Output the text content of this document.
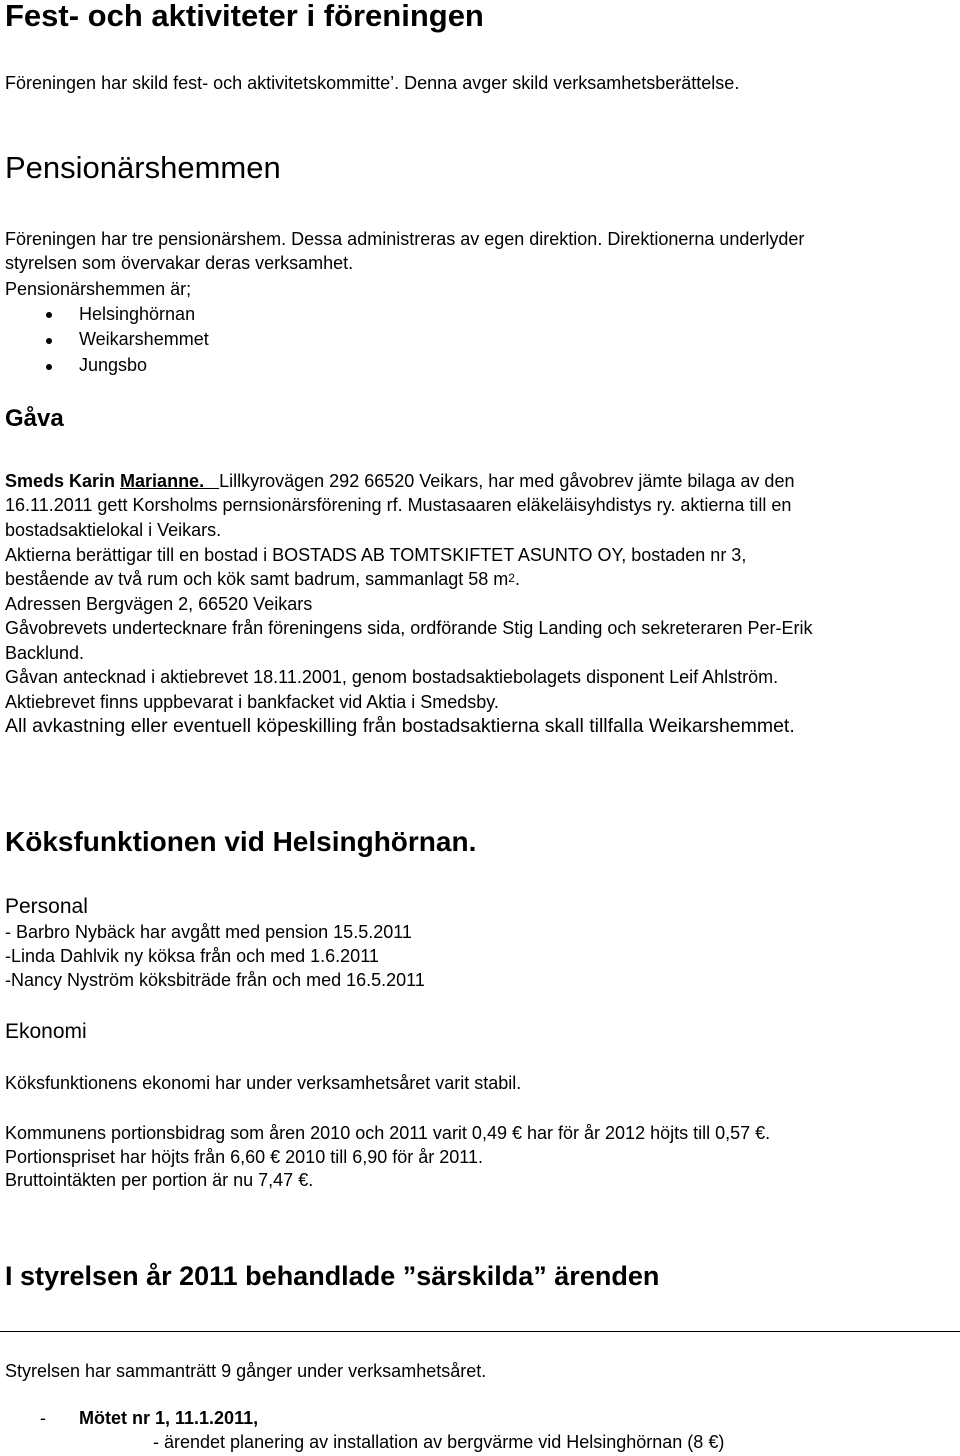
Fest- och aktiviteter i föreningen
Föreningen har skild fest- och aktivitetskommitte’. Denna avger skild verksamhetsberättelse.
Pensionärshemmen
Föreningen har tre pensionärshem. Dessa administreras av egen direktion. Direktionerna underlyder
styrelsen som övervakar deras verksamhet.
Pensionärshemmen är;
Helsinghörnan
Weikarshemmet
Jungsbo
Gåva
Smeds Karin Marianne. Lillkyrovägen 292 66520 Veikars, har med gåvobrev jämte bilaga av den
16.11.2011 gett Korsholms pernsionärsförening rf. Mustasaaren eläkeläisyhdistys ry. aktierna till en
bostadsaktielokal i Veikars.
Aktierna berättigar till en bostad i BOSTADS AB TOMTSKIFTET ASUNTO OY, bostaden nr 3,
bestående av två rum och kök samt badrum, sammanlagt 58 $m^2$.
Adressen Bergvägen 2, 66520 Veikars
Gåvobrevets undertecknare från föreningens sida, ordförande Stig Landing och sekreteraren Per-Erik
Backlund.
Gåvan antecknad i aktiebrevet 18.11.2001, genom bostadsaktiebolagets disponent Leif Ahlström.
Aktiebrevet finns uppbevarat i bankfacket vid Aktia i Smedsby.
All avkastning eller eventuell köpeskilling från bostadsaktierna skall tillfalla Weikarshemmet.
Köksfunktionen vid Helsinghörnan.
Personal
- Barbro Nybäck har avgått med pension 15.5.2011
-Linda Dahlvik ny köksa från och med 1.6.2011
-Nancy Nyström köksbiträde från och med 16.5.2011
Ekonomi
Köksfunktionens ekonomi har under verksamhetsåret varit stabil.
Kommunens portionsbidrag som åren 2010 och 2011 varit 0,49 € har för år 2012 höjts till 0,57 €.
Portionspriset har höjts från 6,60 € 2010 till 6,90 för år 2011.
Bruttointäkten per portion är nu 7,47 €.
I styrelsen år 2011 behandlade ”särskilda” ärenden
Styrelsen har sammanträtt 9 gånger under verksamhetsåret.
- Mötet nr 1, 11.1.2011,
- ärendet planering av installation av bergvärme vid Helsinghörnan (8 €)
